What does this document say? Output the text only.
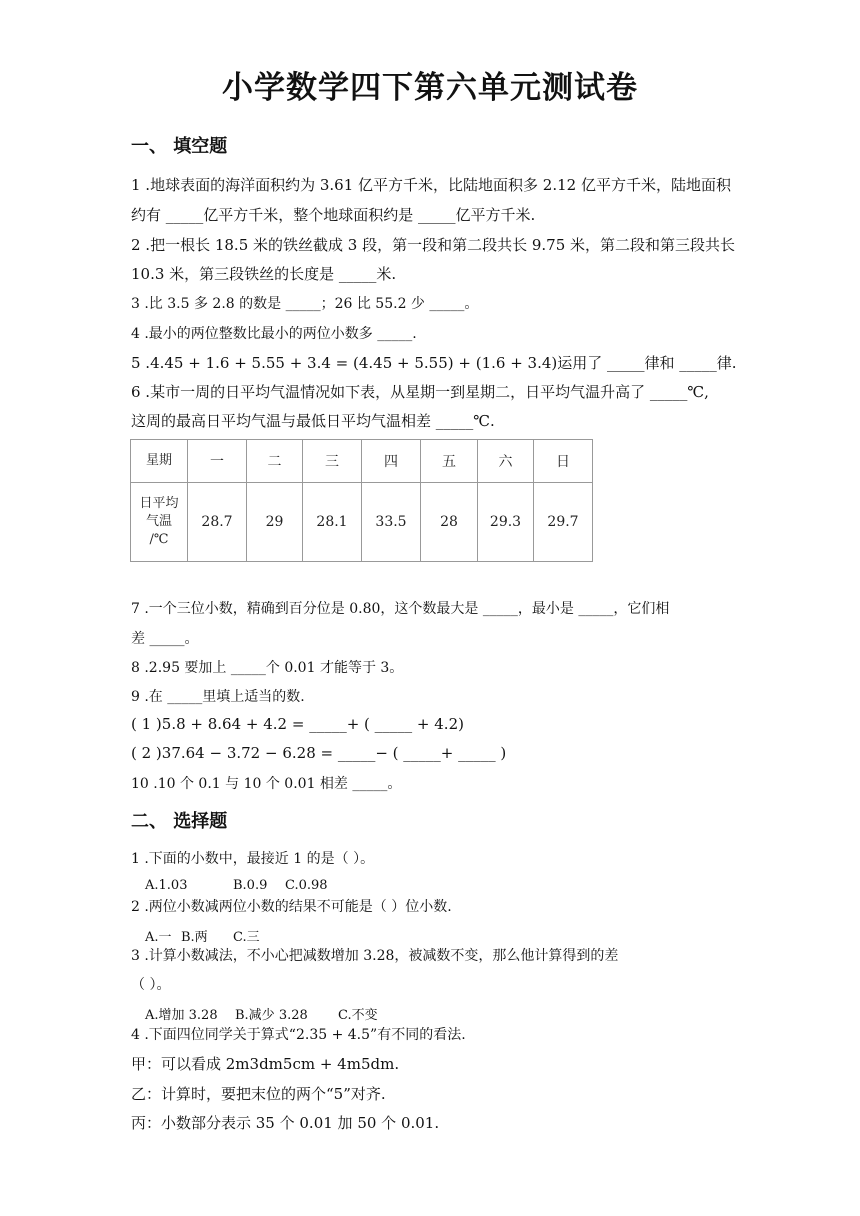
小学数学四下第六单元测试卷
一、 填空题
1 .地球表面的海洋面积约为 3.61 亿平方千米，比陆地面积多 2.12 亿平方千米，陆地面积
约有 _____亿平方千米，整个地球面积约是 _____亿平方千米.
2 .把一根长 18.5 米的铁丝截成 3 段，第一段和第二段共长 9.75 米，第二段和第三段共长
10.3 米，第三段铁丝的长度是 _____米.
3 .比 3.5 多 2.8 的数是 _____；26 比 55.2 少 _____。
4 .最小的两位整数比最小的两位小数多 _____.
5 .4.45 + 1.6 + 5.55 + 3.4 = (4.45 + 5.55) + (1.6 + 3.4)运用了 _____律和 _____律.
6 .某市一周的日平均气温情况如下表，从星期一到星期二，日平均气温升高了 _____℃,
这周的最高日平均气温与最低日平均气温相差 _____℃.
星期	一	二	三	四	五	六	日

日平均
气温
/℃	28.7	29	28.1	33.5	28	29.3	29.7
7 .一个三位小数，精确到百分位是 0.80，这个数最大是 _____，最小是 _____，它们相
差 _____。
8 .2.95 要加上 _____个 0.01 才能等于 3。
9 .在 _____里填上适当的数.
( 1 )5.8 + 8.64 + 4.2 = _____+ ( _____ + 4.2)
( 2 )37.64 − 3.72 − 6.28 = _____− ( _____+ _____ )
10 .10 个 0.1 与 10 个 0.01 相差 _____。
二、 选择题
1 .下面的小数中，最接近 1 的是（ ）。
A.1.03	B.0.9 C.0.98
2 .两位小数减两位小数的结果不可能是（ ）位小数.
A.一 B.两 C.三
3 .计算小数减法，不小心把减数增加 3.28，被减数不变，那么他计算得到的差
（ ）。
A.增加 3.28 B.减少 3.28 C.不变
4 .下面四位同学关于算式“2.35 + 4.5”有不同的看法.
甲：可以看成 2m3dm5cm + 4m5dm.
乙：计算时，要把末位的两个“5”对齐.
丙：小数部分表示 35 个 0.01 加 50 个 0.01.
